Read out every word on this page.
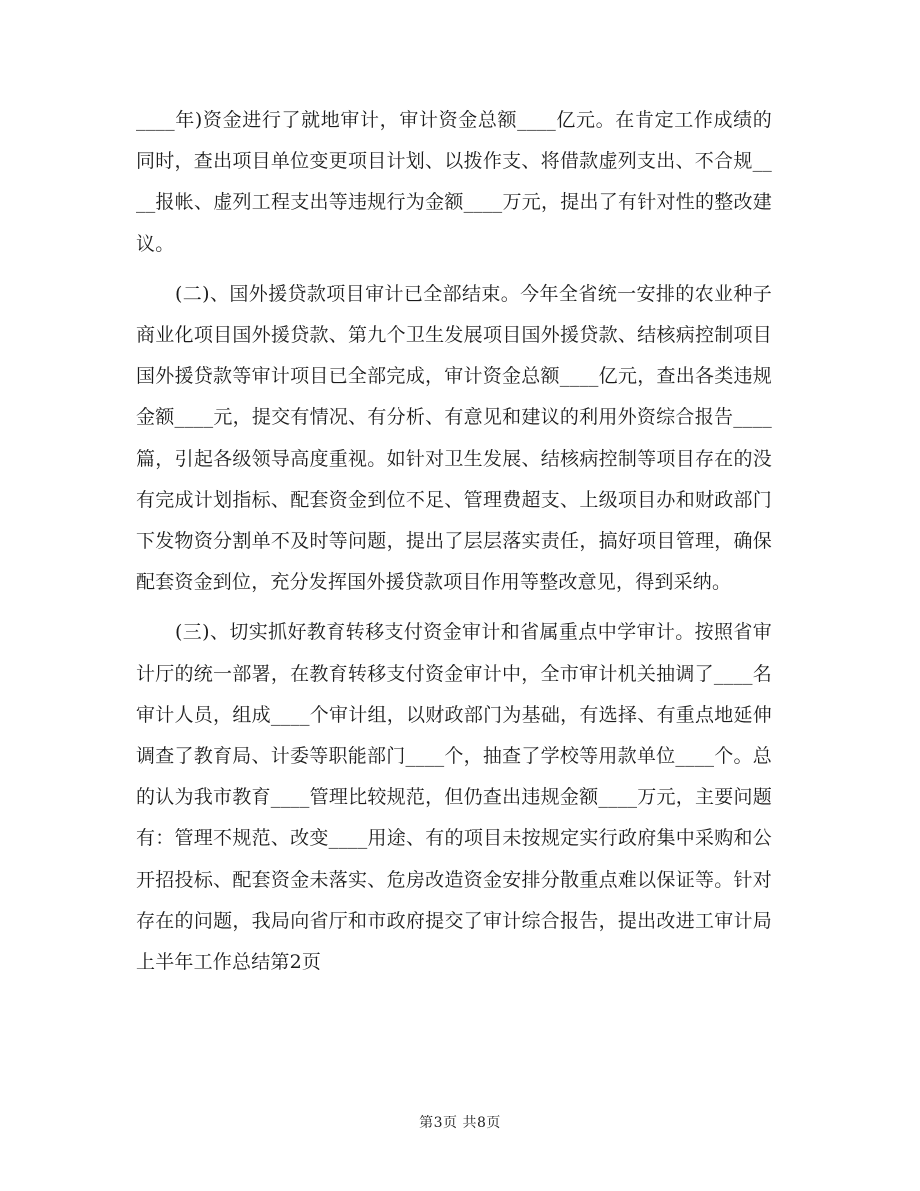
____年)资金进行了就地审计，审计资金总额____亿元。在肯定工作成绩的同时，查出项目单位变更项目计划、以拨作支、将借款虚列支出、不合规____报帐、虚列工程支出等违规行为金额____万元，提出了有针对性的整改建议。

(二)、国外援贷款项目审计已全部结束。今年全省统一安排的农业种子商业化项目国外援贷款、第九个卫生发展项目国外援贷款、结核病控制项目国外援贷款等审计项目已全部完成，审计资金总额____亿元，查出各类违规金额____元，提交有情况、有分析、有意见和建议的利用外资综合报告____篇，引起各级领导高度重视。如针对卫生发展、结核病控制等项目存在的没有完成计划指标、配套资金到位不足、管理费超支、上级项目办和财政部门下发物资分割单不及时等问题，提出了层层落实责任，搞好项目管理，确保配套资金到位，充分发挥国外援贷款项目作用等整改意见，得到采纳。

(三)、切实抓好教育转移支付资金审计和省属重点中学审计。按照省审计厅的统一部署，在教育转移支付资金审计中，全市审计机关抽调了____名审计人员，组成____个审计组，以财政部门为基础，有选择、有重点地延伸调查了教育局、计委等职能部门____个，抽查了学校等用款单位____个。总的认为我市教育____管理比较规范，但仍查出违规金额____万元，主要问题有：管理不规范、改变____用途、有的项目未按规定实行政府集中采购和公开招投标、配套资金未落实、危房改造资金安排分散重点难以保证等。针对存在的问题，我局向省厅和市政府提交了审计综合报告，提出改进工审计局上半年工作总结第2页

第3页 共8页
